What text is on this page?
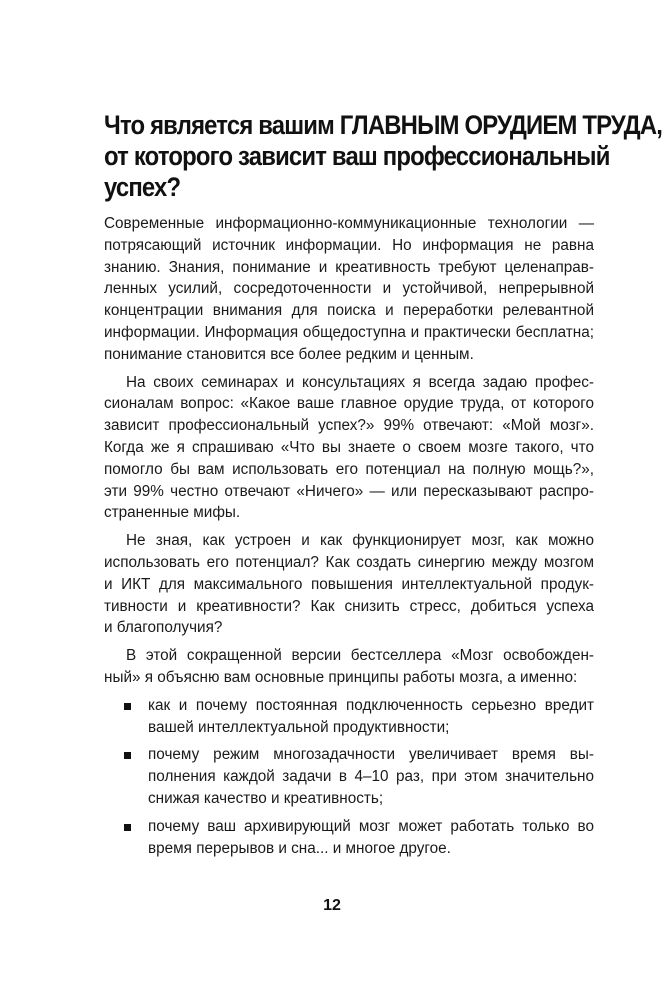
Что является вашим ГЛАВНЫМ ОРУДИЕМ ТРУДА,
от которого зависит ваш профессиональный
успех?

Современные информационно-коммуникационные технологии —
потрясающий источник информации. Но информация не равна
знанию. Знания, понимание и креативность требуют целенаправ-
ленных усилий, сосредоточенности и устойчивой, непрерывной
концентрации внимания для поиска и переработки релевантной
информации. Информация общедоступна и практически бесплатна;
понимание становится все более редким и ценным.

На своих семинарах и консультациях я всегда задаю профес-
сионалам вопрос: «Какое ваше главное орудие труда, от которого
зависит профессиональный успех?» 99% отвечают: «Мой мозг».
Когда же я спрашиваю «Что вы знаете о своем мозге такого, что
помогло бы вам использовать его потенциал на полную мощь?»,
эти 99% честно отвечают «Ничего» — или пересказывают распро-
страненные мифы.

Не зная, как устроен и как функционирует мозг, как можно
использовать его потенциал? Как создать синергию между мозгом
и ИКТ для максимального повышения интеллектуальной продук-
тивности и креативности? Как снизить стресс, добиться успеха
и благополучия?

В этой сокращенной версии бестселлера «Мозг освобожден-
ный» я объясню вам основные принципы работы мозга, а именно:

как и почему постоянная подключенность серьезно вредит
вашей интеллектуальной продуктивности;
почему режим многозадачности увеличивает время вы-
полнения каждой задачи в 4–10 раз, при этом значительно
снижая качество и креативность;
почему ваш архивирующий мозг может работать только во
время перерывов и сна... и многое другое.
12
